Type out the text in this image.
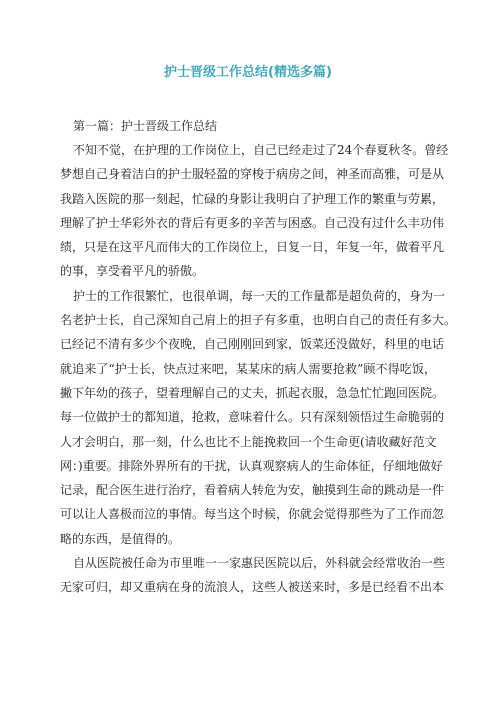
护士晋级工作总结(精选多篇)

第一篇：护士晋级工作总结

不知不觉，在护理的工作岗位上，自己已经走过了24个春夏秋冬。曾经
梦想自己身着洁白的护士服轻盈的穿梭于病房之间，神圣而高雅，可是从
我踏入医院的那一刻起，忙碌的身影让我明白了护理工作的繁重与劳累，
理解了护士华彩外衣的背后有更多的辛苦与困惑。自己没有过什么丰功伟
绩，只是在这平凡而伟大的工作岗位上，日复一日，年复一年，做着平凡
的事，享受着平凡的骄傲。

护士的工作很繁忙，也很单调，每一天的工作量都是超负荷的，身为一
名老护士长，自己深知自己肩上的担子有多重，也明白自己的责任有多大。
已经记不清有多少个夜晚，自己刚刚回到家，饭菜还没做好，科里的电话
就追来了“护士长，快点过来吧，某某床的病人需要抢救”顾不得吃饭，
撇下年幼的孩子，望着理解自己的丈夫，抓起衣服，急急忙忙跑回医院。
每一位做护士的都知道，抢救，意味着什么。只有深刻领悟过生命脆弱的
人才会明白，那一刻，什么也比不上能挽救回一个生命更(请收藏好范文
网：)重要。排除外界所有的干扰，认真观察病人的生命体征，仔细地做好
记录，配合医生进行治疗，看着病人转危为安，触摸到生命的跳动是一件
可以让人喜极而泣的事情。每当这个时候，你就会觉得那些为了工作而忽
略的东西，是值得的。

自从医院被任命为市里唯一一家惠民医院以后，外科就会经常收治一些
无家可归，却又重病在身的流浪人，这些人被送来时，多是已经看不出本
